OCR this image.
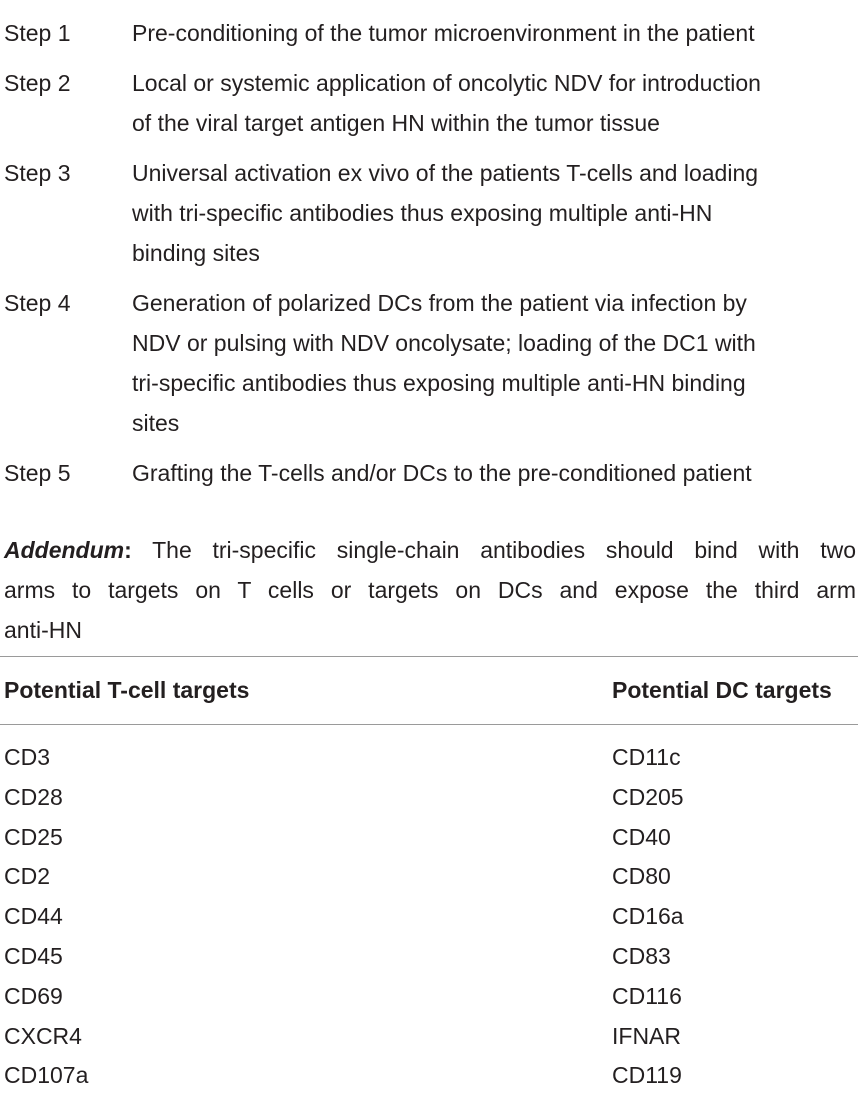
Step 1	Pre-conditioning of the tumor microenvironment in the patient
Step 2	Local or systemic application of oncolytic NDV for introduction
of the viral target antigen HN within the tumor tissue
Step 3	Universal activation ex vivo of the patients T-cells and loading
with tri-specific antibodies thus exposing multiple anti-HN
binding sites
Step 4	Generation of polarized DCs from the patient via infection by
NDV or pulsing with NDV oncolysate; loading of the DC1 with
tri-specific antibodies thus exposing multiple anti-HN binding
sites
Step 5	Grafting the T-cells and/or DCs to the pre-conditioned patient
Addendum: The tri-specific single-chain antibodies should bind with two
arms to targets on T cells or targets on DCs and expose the third arm
anti-HN
Potential T-cell targets	Potential DC targets
CD3	CD11c
CD28	CD205
CD25	CD40
CD2	CD80
CD44	CD16a
CD45	CD83
CD69	CD116
CXCR4	IFNAR
CD107a	CD119
